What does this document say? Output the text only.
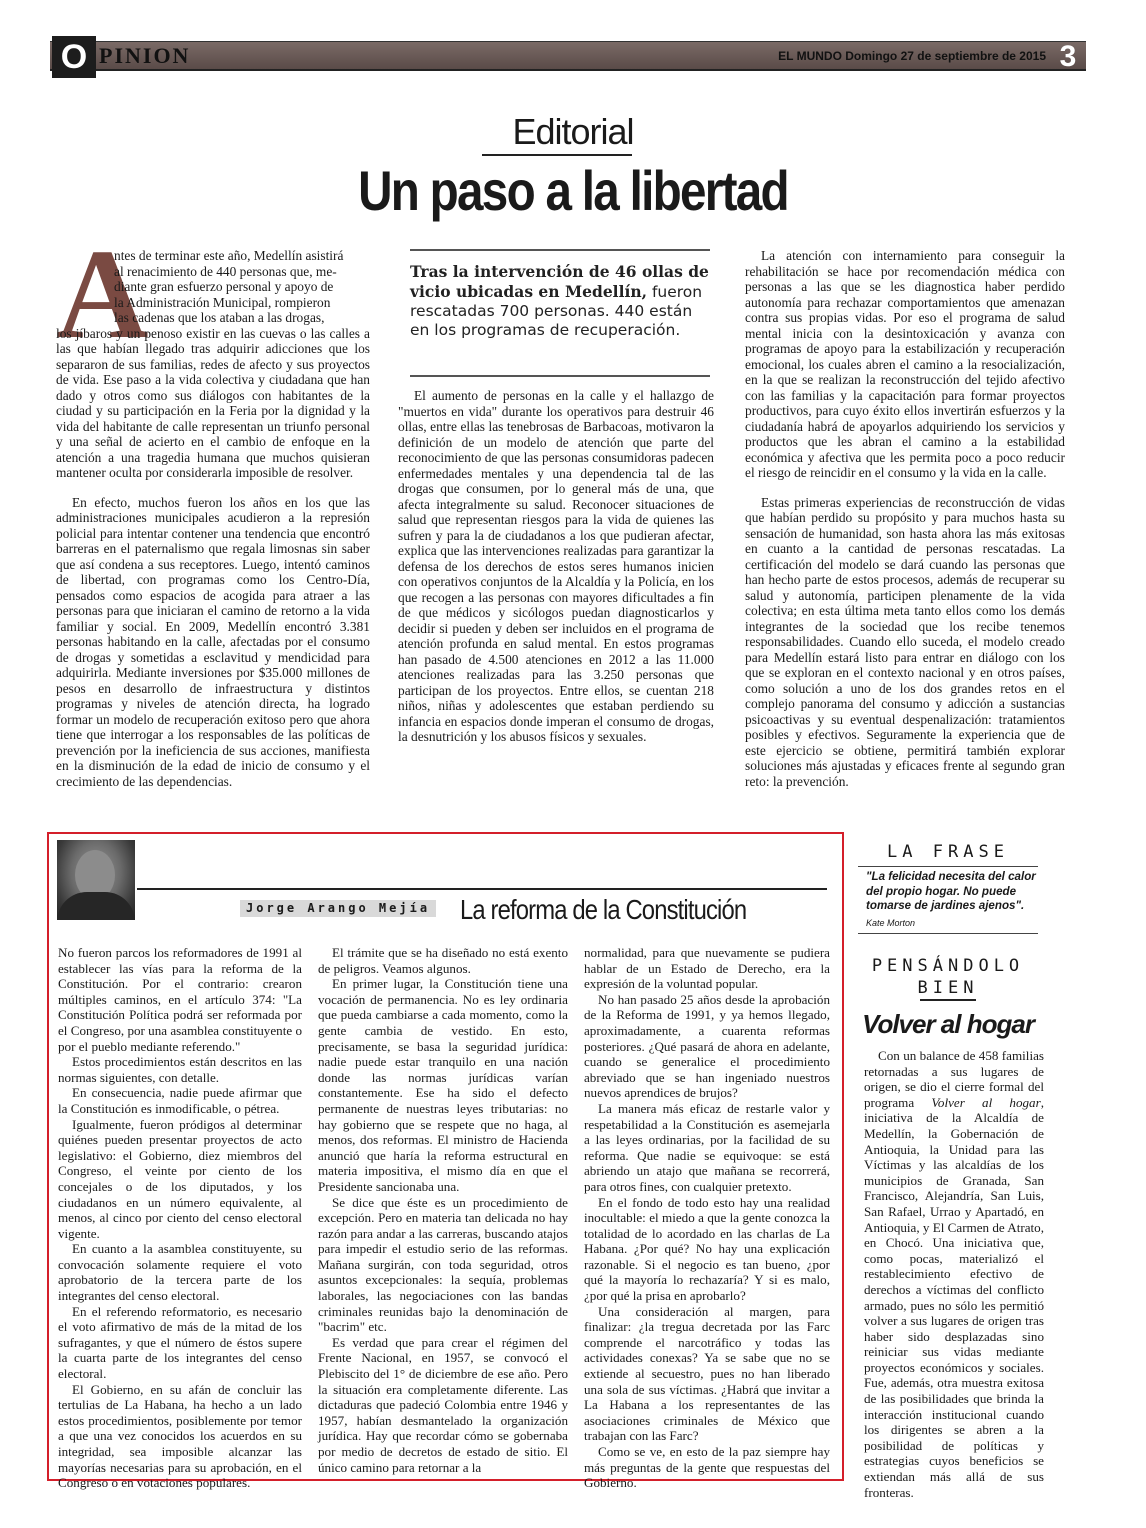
O PINION	EL MUNDO Domingo 27 de septiembre de 2015 3
Editorial
Un paso a la libertad
A
ntes de terminar este año, Medellín asistirá
al renacimiento de 440 personas que, me-
diante gran esfuerzo personal y apoyo de
la Administración Municipal, rompieron
las cadenas que los ataban a las drogas,

los jíbaros y un penoso existir en las cuevas o las calles a las que habían llegado tras adquirir adicciones que los separaron de sus familias, redes de afecto y sus proyectos de vida. Ese paso a la vida colectiva y ciudadana que han dado y otros como sus diálogos con habitantes de la ciudad y su participación en la Feria por la dignidad y la vida del habitante de calle representan un triunfo personal y una señal de acierto en el cambio de enfoque en la atención a una tragedia humana que muchos quisieran mantener oculta por considerarla imposible de resolver.

En efecto, muchos fueron los años en los que las administraciones municipales acudieron a la represión policial para intentar contener una tendencia que encontró barreras en el paternalismo que regala limosnas sin saber que así condena a sus receptores. Luego, intentó caminos de libertad, con programas como los Centro-Día, pensados como espacios de acogida para atraer a las personas para que iniciaran el camino de retorno a la vida familiar y social. En 2009, Medellín encontró 3.381 personas habitando en la calle, afectadas por el consumo de drogas y sometidas a esclavitud y mendicidad para adquirirla. Mediante inversiones por $35.000 millones de pesos en desarrollo de infraestructura y distintos programas y niveles de atención directa, ha logrado formar un modelo de recuperación exitoso pero que ahora tiene que interrogar a los responsables de las políticas de prevención por la ineficiencia de sus acciones, manifiesta en la disminución de la edad de inicio de consumo y el crecimiento de las dependencias.

Tras la intervención de 46 ollas de vicio ubicadas en Medellín, fueron rescatadas 700 personas. 440 están en los programas de recuperación.

El aumento de personas en la calle y el hallazgo de "muertos en vida" durante los operativos para destruir 46 ollas, entre ellas las tenebrosas de Barbacoas, motivaron la definición de un modelo de atención que parte del reconocimiento de que las personas consumidoras padecen enfermedades mentales y una dependencia tal de las drogas que consumen, por lo general más de una, que afecta integralmente su salud. Reconocer situaciones de salud que representan riesgos para la vida de quienes las sufren y para la de ciudadanos a los que pudieran afectar, explica que las intervenciones realizadas para garantizar la defensa de los derechos de estos seres humanos inicien con operativos conjuntos de la Alcaldía y la Policía, en los que recogen a las personas con mayores dificultades a fin de que médicos y sicólogos puedan diagnosticarlos y decidir si pueden y deben ser incluidos en el programa de atención profunda en salud mental. En estos programas han pasado de 4.500 atenciones en 2012 a las 11.000 atenciones realizadas para las 3.250 personas que participan de los proyectos. Entre ellos, se cuentan 218 niños, niñas y adolescentes que estaban perdiendo su infancia en espacios donde imperan el consumo de drogas, la desnutrición y los abusos físicos y sexuales.

La atención con internamiento para conseguir la rehabilitación se hace por recomendación médica con personas a las que se les diagnostica haber perdido autonomía para rechazar comportamientos que amenazan contra sus propias vidas. Por eso el programa de salud mental inicia con la desintoxicación y avanza con programas de apoyo para la estabilización y recuperación emocional, los cuales abren el camino a la resocialización, en la que se realizan la reconstrucción del tejido afectivo con las familias y la capacitación para formar proyectos productivos, para cuyo éxito ellos invertirán esfuerzos y la ciudadanía habrá de apoyarlos adquiriendo los servicios y productos que les abran el camino a la estabilidad económica y afectiva que les permita poco a poco reducir el riesgo de reincidir en el consumo y la vida en la calle.

Estas primeras experiencias de reconstrucción de vidas que habían perdido su propósito y para muchos hasta su sensación de humanidad, son hasta ahora las más exitosas en cuanto a la cantidad de personas rescatadas. La certificación del modelo se dará cuando las personas que han hecho parte de estos procesos, además de recuperar su salud y autonomía, participen plenamente de la vida colectiva; en esta última meta tanto ellos como los demás integrantes de la sociedad que los recibe tenemos responsabilidades. Cuando ello suceda, el modelo creado para Medellín estará listo para entrar en diálogo con los que se exploran en el contexto nacional y en otros países, como solución a uno de los dos grandes retos en el complejo panorama del consumo y adicción a sustancias psicoactivas y su eventual despenalización: tratamientos posibles y efectivos. Seguramente la experiencia que de este ejercicio se obtiene, permitirá también explorar soluciones más ajustadas y eficaces frente al segundo gran reto: la prevención.

Jorge Arango Mejía La reforma de la Constitución

No fueron parcos los reformadores de 1991 al establecer las vías para la reforma de la Constitución. Por el contrario: crearon múltiples caminos, en el artículo 374: "La Constitución Política podrá ser reformada por el Congreso, por una asamblea constituyente o por el pueblo mediante referendo."

Estos procedimientos están descritos en las normas siguientes, con detalle.

En consecuencia, nadie puede afirmar que la Constitución es inmodificable, o pétrea.

Igualmente, fueron pródigos al determinar quiénes pueden presentar proyectos de acto legislativo: el Gobierno, diez miembros del Congreso, el veinte por ciento de los concejales o de los diputados, y los ciudadanos en un número equivalente, al menos, al cinco por ciento del censo electoral vigente.

En cuanto a la asamblea constituyente, su convocación solamente requiere el voto aprobatorio de la tercera parte de los integrantes del censo electoral.

En el referendo reformatorio, es necesario el voto afirmativo de más de la mitad de los sufragantes, y que el número de éstos supere la cuarta parte de los integrantes del censo electoral.

El Gobierno, en su afán de concluir las tertulias de La Habana, ha hecho a un lado estos procedimientos, posiblemente por temor a que una vez conocidos los acuerdos en su integridad, sea imposible alcanzar las mayorías necesarias para su aprobación, en el Congreso o en votaciones populares.

El trámite que se ha diseñado no está exento de peligros. Veamos algunos.

En primer lugar, la Constitución tiene una vocación de permanencia. No es ley ordinaria que pueda cambiarse a cada momento, como la gente cambia de vestido. En esto, precisamente, se basa la seguridad jurídica: nadie puede estar tranquilo en una nación donde las normas jurídicas varían constantemente. Ese ha sido el defecto permanente de nuestras leyes tributarias: no hay gobierno que se respete que no haga, al menos, dos reformas. El ministro de Hacienda anunció que haría la reforma estructural en materia impositiva, el mismo día en que el Presidente sancionaba una.

Se dice que éste es un procedimiento de excepción. Pero en materia tan delicada no hay razón para andar a las carreras, buscando atajos para impedir el estudio serio de las reformas. Mañana surgirán, con toda seguridad, otros asuntos excepcionales: la sequía, problemas laborales, las negociaciones con las bandas criminales reunidas bajo la denominación de "bacrim" etc.

Es verdad que para crear el régimen del Frente Nacional, en 1957, se convocó el Plebiscito del 1° de diciembre de ese año. Pero la situación era completamente diferente. Las dictaduras que padeció Colombia entre 1946 y 1957, habían desmantelado la organización jurídica. Hay que recordar cómo se gobernaba por medio de decretos de estado de sitio. El único camino para retornar a la

normalidad, para que nuevamente se pudiera hablar de un Estado de Derecho, era la expresión de la voluntad popular.

No han pasado 25 años desde la aprobación de la Reforma de 1991, y ya hemos llegado, aproximadamente, a cuarenta reformas posteriores. ¿Qué pasará de ahora en adelante, cuando se generalice el procedimiento abreviado que se han ingeniado nuestros nuevos aprendices de brujos?

La manera más eficaz de restarle valor y respetabilidad a la Constitución es asemejarla a las leyes ordinarias, por la facilidad de su reforma. Que nadie se equivoque: se está abriendo un atajo que mañana se recorrerá, para otros fines, con cualquier pretexto.

En el fondo de todo esto hay una realidad inocultable: el miedo a que la gente conozca la totalidad de lo acordado en las charlas de La Habana. ¿Por qué? No hay una explicación razonable. Si el negocio es tan bueno, ¿por qué la mayoría lo rechazaría? Y si es malo, ¿por qué la prisa en aprobarlo?

Una consideración al margen, para finalizar: ¿la tregua decretada por las Farc comprende el narcotráfico y todas las actividades conexas? Ya se sabe que no se extiende al secuestro, pues no han liberado una sola de sus víctimas. ¿Habrá que invitar a La Habana a los representantes de las asociaciones criminales de México que trabajan con las Farc?

Como se ve, en esto de la paz siempre hay más preguntas de la gente que respuestas del Gobierno.

LA FRASE
"La felicidad necesita del calor del propio hogar. No puede tomarse de jardines ajenos".
Kate Morton
PENSÁNDOLO
BIEN
Volver al hogar
Con un balance de 458 familias retornadas a sus lugares de origen, se dio el cierre formal del programa Volver al hogar, iniciativa de la Alcaldía de Medellín, la Gobernación de Antioquia, la Unidad para las Víctimas y las alcaldías de los municipios de Granada, San Francisco, Alejandría, San Luis, San Rafael, Urrao y Apartadó, en Antioquia, y El Carmen de Atrato, en Chocó. Una iniciativa que, como pocas, materializó el restablecimiento efectivo de derechos a víctimas del conflicto armado, pues no sólo les permitió volver a sus lugares de origen tras haber sido desplazadas sino reiniciar sus vidas mediante proyectos económicos y sociales. Fue, además, otra muestra exitosa de las posibilidades que brinda la interacción institucional cuando los dirigentes se abren a la posibilidad de políticas y estrategias cuyos beneficios se extiendan más allá de sus fronteras.
